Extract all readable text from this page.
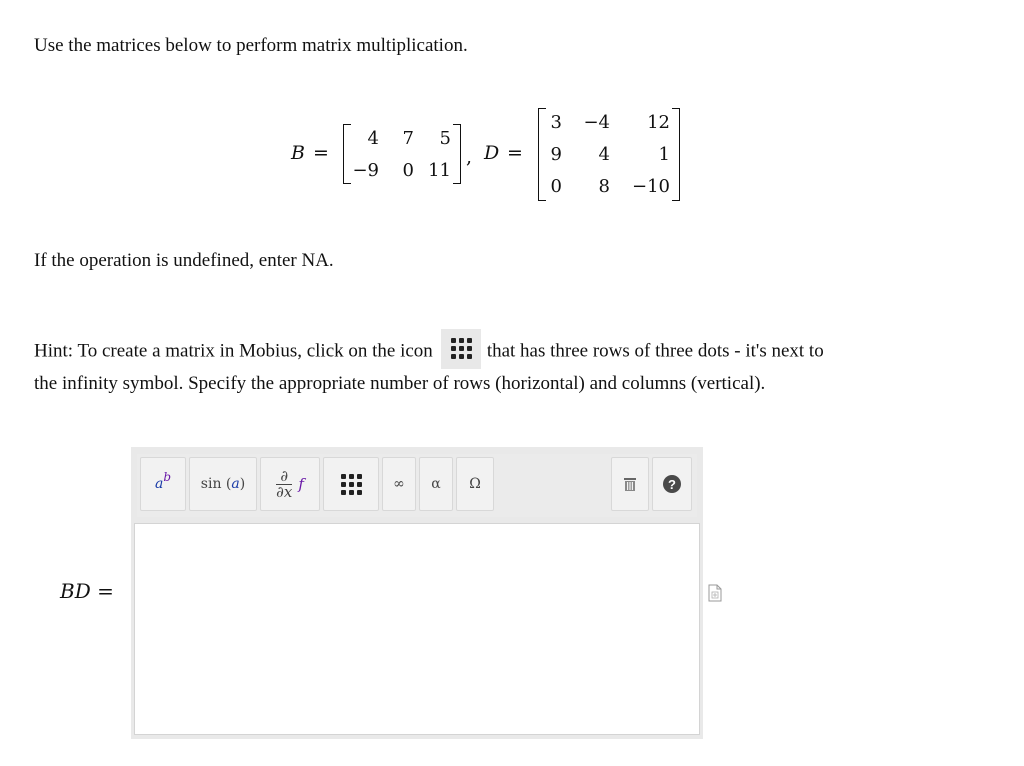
Use the matrices below to perform matrix multiplication.
B =
4 7 5
−9 0 11
, D =
3 −4 12
9 4	1
0 8 −10
If the operation is undefined, enter NA.
Hint: To create a matrix in Mobius, click on the icon	that has three rows of three dots - it's next to
the infinity symbol. Specify the appropriate number of rows (horizontal) and columns (vertical).
BD =
a b sin ( a )	∂
∂x f	∞ α Ω	?
